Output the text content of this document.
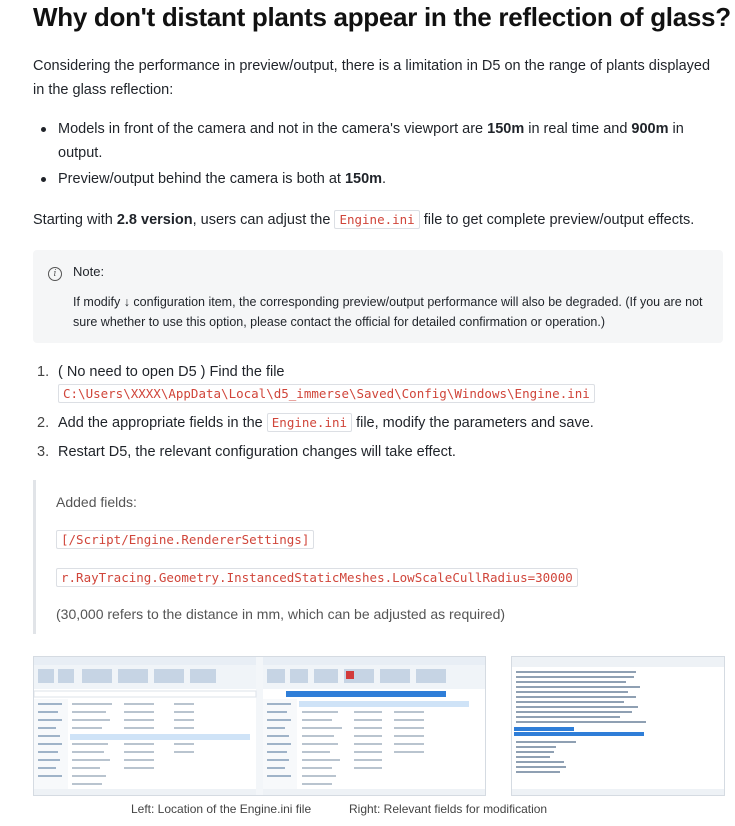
Why don't distant plants appear in the reflection of glass?

Considering the performance in preview/output, there is a limitation in D5 on the range of plants displayed in the glass reflection:

Models in front of the camera and not in the camera's viewport are 150m in real time and 900m in output.
Preview/output behind the camera is both at 150m.

Starting with 2.8 version, users can adjust the Engine.ini file to get complete preview/output effects.

i	Note:
If modify ↓ configuration item, the corresponding preview/output performance will also be degraded. (If you are not sure whether to use this option, please contact the official for detailed confirmation or operation.)
1. ( No need to open D5 ) Find the file
C:\Users\XXXX\AppData\Local\d5_immerse\Saved\Config\Windows\Engine.ini
2. Add the appropriate fields in the Engine.ini file, modify the parameters and save.
3. Restart D5, the relevant configuration changes will take effect.
Added fields:
[/Script/Engine.RendererSettings]
r.RayTracing.Geometry.InstancedStaticMeshes.LowScaleCullRadius=30000
(30,000 refers to the distance in mm, which can be adjusted as required)
Left: Location of the Engine.ini file	Right: Relevant fields for modification
